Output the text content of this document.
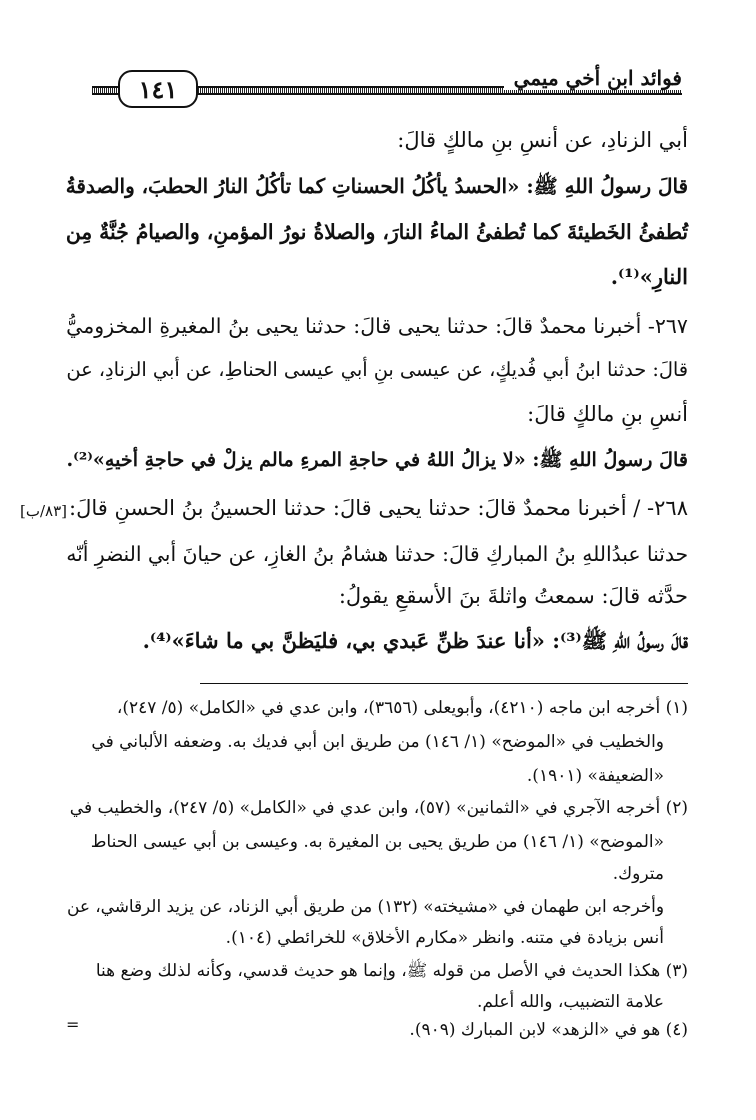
١٤١	فوائد ابن أخي ميمي
أبي الزنادِ، عن أنسِ بنِ مالكٍ قالَ:
قالَ رسولُ اللهِ ﷺ: «الحسدُ يأكُلُ الحسناتِ كما تأكُلُ النارُ الحطبَ، والصدقةُ
تُطفئُ الخَطيئةَ كما تُطفئُ الماءُ النارَ، والصلاةُ نورُ المؤمنِ، والصيامُ جُنَّةٌ مِن
النارِ»⁽¹⁾.
٢٦٧- أخبرنا محمدٌ قالَ: حدثنا يحيى قالَ: حدثنا يحيى بنُ المغيرةِ المخزوميُّ
قالَ: حدثنا ابنُ أبي فُديكٍ، عن عيسى بنِ أبي عيسى الحناطِ، عن أبي الزنادِ، عن
أنسِ بنِ مالكٍ قالَ:
قالَ رسولُ اللهِ ﷺ: «لا يزالُ اللهُ في حاجةِ المرءِ مالم يزلْ في حاجةِ أخيهِ»⁽²⁾.
٢٦٨- / أخبرنا محمدٌ قالَ: حدثنا يحيى قالَ: حدثنا الحسينُ بنُ الحسنِ قالَ:
[٨٣/ب]
حدثنا عبدُاللهِ بنُ المباركِ قالَ: حدثنا هشامُ بنُ الغازِ، عن حيانَ أبي النضرِ أنّه
حدَّثه قالَ: سمعتُ واثلةَ بنَ الأسقعِ يقولُ:
قالَ رسولُ اللهِ ﷺ⁽³⁾: «أنا عندَ ظنِّ عَبدي بي، فليَظنَّ بي ما شاءَ»⁽⁴⁾.
(١) أخرجه ابن ماجه (٤٢١٠)، وأبويعلى (٣٦٥٦)، وابن عدي في «الكامل» (٥/ ٢٤٧)،
والخطيب في «الموضح» (١/ ١٤٦) من طريق ابن أبي فديك به. وضعفه الألباني في
«الضعيفة» (١٩٠١).
(٢) أخرجه الآجري في «الثمانين» (٥٧)، وابن عدي في «الكامل» (٥/ ٢٤٧)، والخطيب في
«الموضح» (١/ ١٤٦) من طريق يحيى بن المغيرة به. وعيسى بن أبي عيسى الحناط
متروك.
وأخرجه ابن طهمان في «مشيخته» (١٣٢) من طريق أبي الزناد، عن يزيد الرقاشي، عن
أنس بزيادة في متنه. وانظر «مكارم الأخلاق» للخرائطي (١٠٤).
(٣) هكذا الحديث في الأصل من قوله ﷺ، وإنما هو حديث قدسي، وكأنه لذلك وضع هنا
علامة التضبيب، والله أعلم.
(٤) هو في «الزهد» لابن المبارك (٩٠٩).
=
